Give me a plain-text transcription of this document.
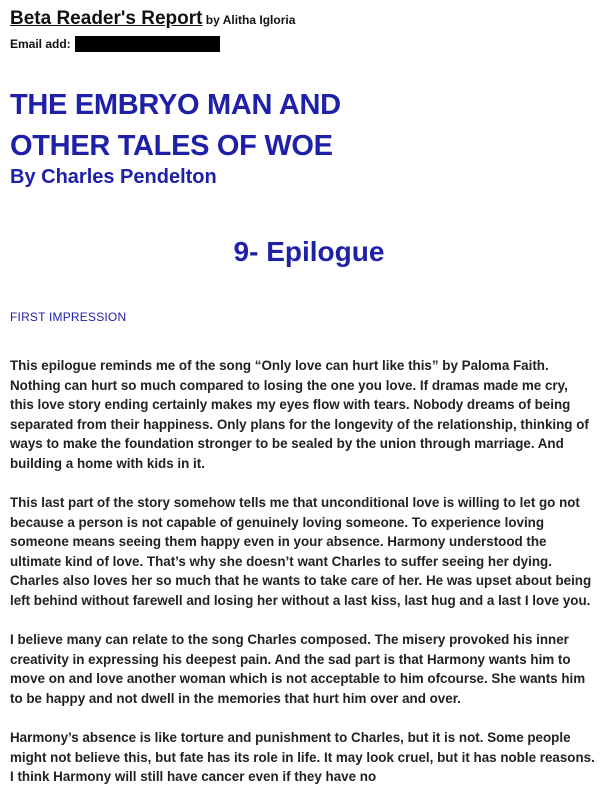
Beta Reader's Report by Alitha Igloria
Email add:
THE EMBRYO MAN AND
OTHER TALES OF WOE
By Charles Pendelton
9- Epilogue
FIRST IMPRESSION

This epilogue reminds me of the song “Only love can hurt like this” by Paloma Faith. Nothing can hurt so much compared to losing the one you love. If dramas made me cry, this love story ending certainly makes my eyes flow with tears. Nobody dreams of being separated from their happiness. Only plans for the longevity of the relationship, thinking of ways to make the foundation stronger to be sealed by the union through marriage. And building a home with kids in it.

This last part of the story somehow tells me that unconditional love is willing to let go not because a person is not capable of genuinely loving someone. To experience loving someone means seeing them happy even in your absence. Harmony understood the ultimate kind of love. That’s why she doesn’t want Charles to suffer seeing her dying. Charles also loves her so much that he wants to take care of her. He was upset about being left behind without farewell and losing her without a last kiss, last hug and a last I love you.

I believe many can relate to the song Charles composed. The misery provoked his inner creativity in expressing his deepest pain. And the sad part is that Harmony wants him to move on and love another woman which is not acceptable to him ofcourse. She wants him to be happy and not dwell in the memories that hurt him over and over.

Harmony’s absence is like torture and punishment to Charles, but it is not. Some people might not believe this, but fate has its role in life. It may look cruel, but it has noble reasons. I think Harmony will still have cancer even if they have no
